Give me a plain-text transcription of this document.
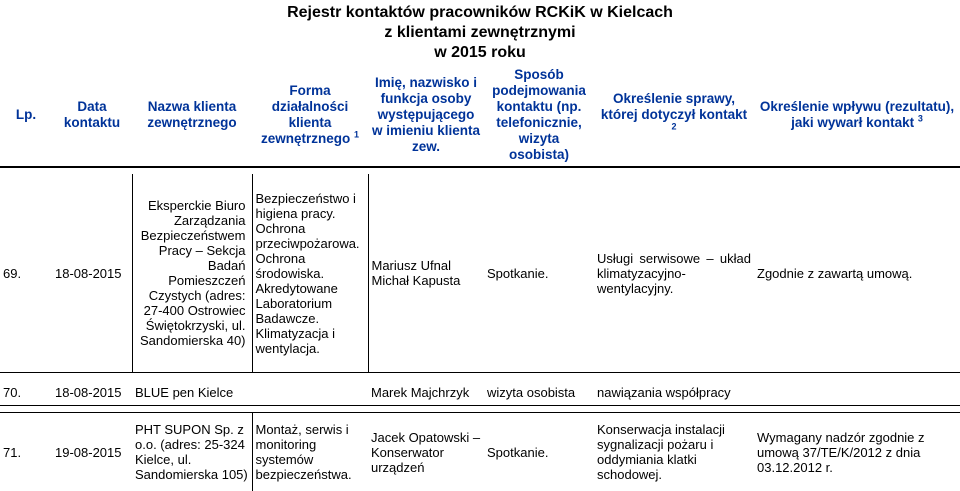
Rejestr kontaktów pracowników RCKiK w Kielcach
z klientami zewnętrznymi
w 2015 roku
Lp.	Data kontaktu	Nazwa klienta zewnętrznego	Forma działalności klienta zewnętrznego $^1$	Imię, nazwisko i funkcja osoby występującego w imieniu klienta zew.	Sposób podejmowania kontaktu (np. telefonicznie, wizyta osobista)	Określenie sprawy, której dotyczył kontakt $^2$	Określenie wpływu (rezultatu), jaki wywarł kontakt $^3$

69.	18-08-2015	Eksperckie Biuro Zarządzania Bezpieczeństwem Pracy – Sekcja Badań Pomieszczeń Czystych (adres: 27-400 Ostrowiec Świętokrzyski, ul. Sandomierska 40)	Bezpieczeństwo i higiena pracy. Ochrona przeciwpożarowa. Ochrona środowiska. Akredytowane Laboratorium Badawcze. Klimatyzacja i wentylacja.	Mariusz Ufnal Michał Kapusta	Spotkanie.	Usługi serwisowe – układ klimatyzacyjno-wentylacyjny.	Zgodnie z zawartą umową.

70.	18-08-2015	BLUE pen Kielce		Marek Majchrzyk	wizyta osobista	nawiązania współpracy	

71.	19-08-2015	PHT SUPON Sp. z o.o. (adres: 25-324 Kielce, ul. Sandomierska 105)	Montaż, serwis i monitoring systemów bezpieczeństwa.	Jacek Opatowski – Konserwator urządzeń	Spotkanie.	Konserwacja instalacji sygnalizacji pożaru i oddymiania klatki schodowej.	Wymagany nadzór zgodnie z umową 37/TE/K/2012 z dnia 03.12.2012 r.
